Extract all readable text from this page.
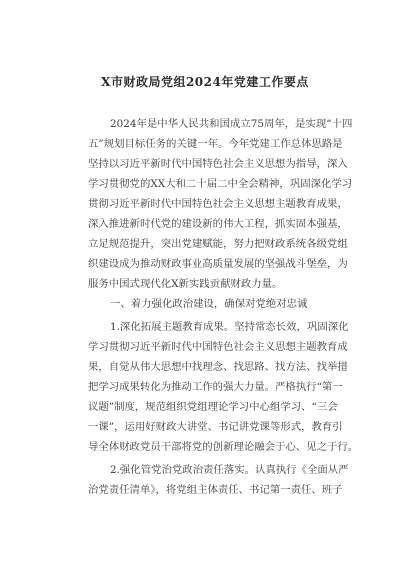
X市财政局党组2024年党建工作要点
2024年是中华人民共和国成立75周年，是实现“十四
五”规划目标任务的关键一年。今年党建工作总体思路是
坚持以习近平新时代中国特色社会主义思想为指导，深入
学习贯彻党的XX大和二十届二中全会精神，巩固深化学习
贯彻习近平新时代中国特色社会主义思想主题教育成果，
深入推进新时代党的建设新的伟大工程，抓实固本强基，
立足规范提升，突出党建赋能，努力把财政系统各级党组
织建设成为推动财政事业高质量发展的坚强战斗堡垒，为
服务中国式现代化X新实践贡献财政力量。
一、着力强化政治建设，确保对党绝对忠诚
1.深化拓展主题教育成果。坚持常态长效，巩固深化
学习贯彻习近平新时代中国特色社会主义思想主题教育成
果，自觉从伟大思想中找理念、找思路、找方法、找举措
把学习成果转化为推动工作的强大力量。严格执行“第一
议题”制度，规范组织党组理论学习中心组学习、“三会
一课”，运用好财政大讲堂、书记讲党课等形式，教育引
导全体财政党员干部将党的创新理论融会于心、见之于行。
2.强化管党治党政治责任落实。认真执行《全面从严
治党责任清单》，将党组主体责任、书记第一责任、班子
